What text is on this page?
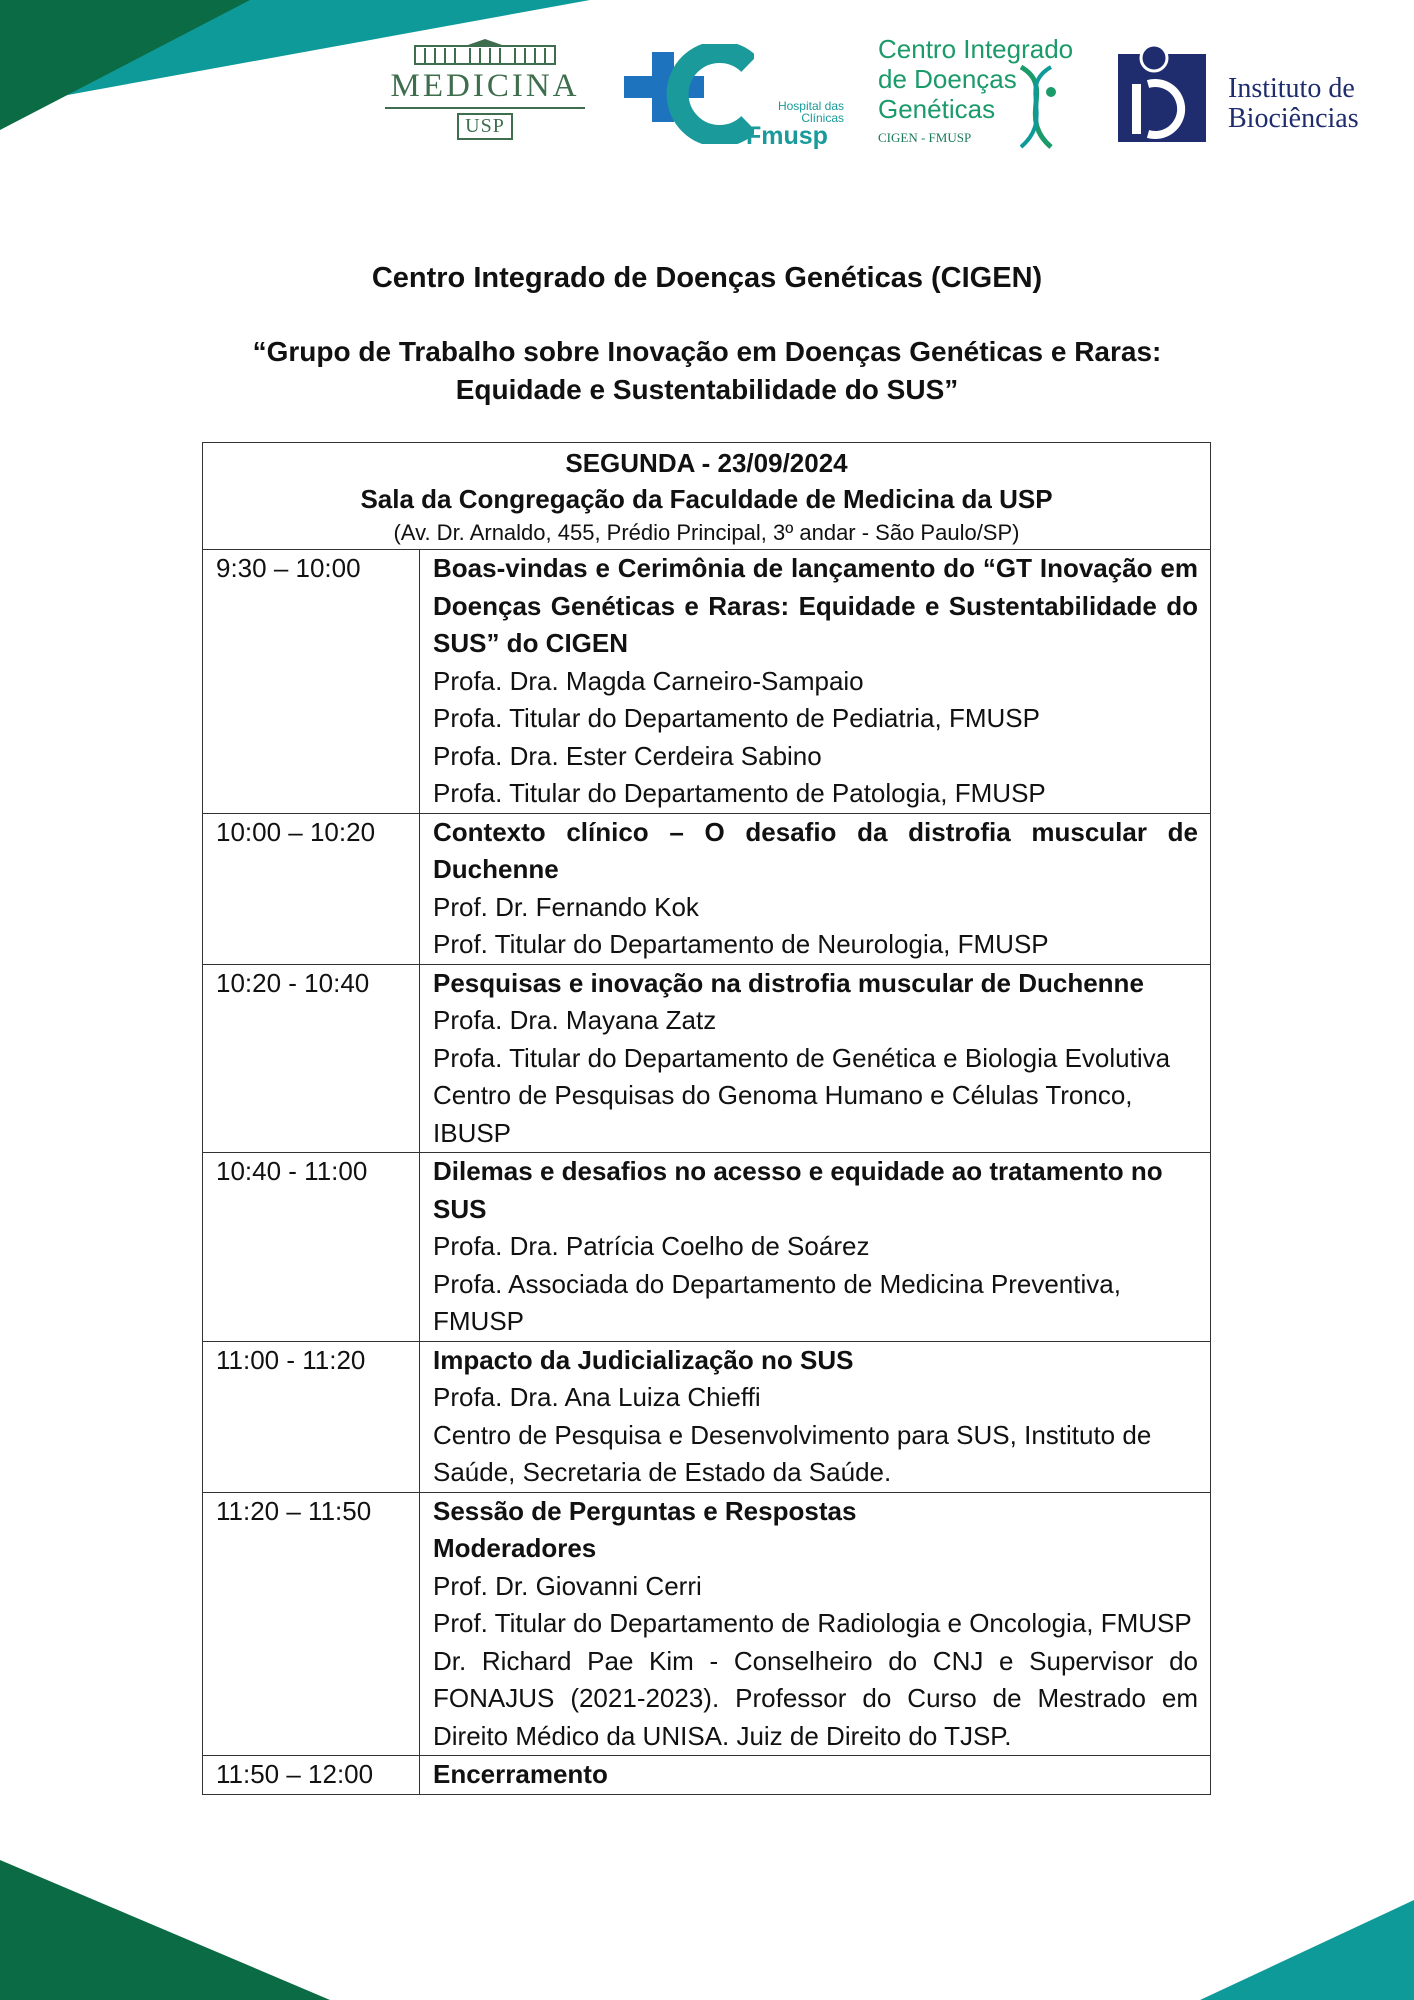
MEDICINA
USP
Hospital das Clínicas
Fmusp
Centro Integrado
de Doenças
Genéticas
CIGEN - FMUSP
Instituto de
Biociências
Centro Integrado de Doenças Genéticas (CIGEN)
“Grupo de Trabalho sobre Inovação em Doenças Genéticas e Raras:
Equidade e Sustentabilidade do SUS”
SEGUNDA - 23/09/2024
Sala da Congregação da Faculdade de Medicina da USP
(Av. Dr. Arnaldo, 455, Prédio Principal, 3º andar - São Paulo/SP)	

9:30 – 10:00	Boas-vindas e Cerimônia de lançamento do “GT Inovação em Doenças Genéticas e Raras: Equidade e Sustentabilidade do SUS” do CIGEN
Profa. Dra. Magda Carneiro-Sampaio
Profa. Titular do Departamento de Pediatria, FMUSP
Profa. Dra. Ester Cerdeira Sabino
Profa. Titular do Departamento de Patologia, FMUSP

10:00 – 10:20	Contexto clínico – O desafio da distrofia muscular de Duchenne
Prof. Dr. Fernando Kok
Prof. Titular do Departamento de Neurologia, FMUSP

10:20 - 10:40	Pesquisas e inovação na distrofia muscular de Duchenne
Profa. Dra. Mayana Zatz
Profa. Titular do Departamento de Genética e Biologia Evolutiva
Centro de Pesquisas do Genoma Humano e Células Tronco, IBUSP

10:40 - 11:00	Dilemas e desafios no acesso e equidade ao tratamento no SUS
Profa. Dra. Patrícia Coelho de Soárez
Profa. Associada do Departamento de Medicina Preventiva, FMUSP

11:00 - 11:20	Impacto da Judicialização no SUS
Profa. Dra. Ana Luiza Chieffi
Centro de Pesquisa e Desenvolvimento para SUS, Instituto de Saúde, Secretaria de Estado da Saúde.

11:20 – 11:50	Sessão de Perguntas e Respostas
Moderadores
Prof. Dr. Giovanni Cerri
Prof. Titular do Departamento de Radiologia e Oncologia, FMUSP
Dr. Richard Pae Kim - Conselheiro do CNJ e Supervisor do FONAJUS (2021-2023). Professor do Curso de Mestrado em Direito Médico da UNISA. Juiz de Direito do TJSP.

11:50 – 12:00	Encerramento
